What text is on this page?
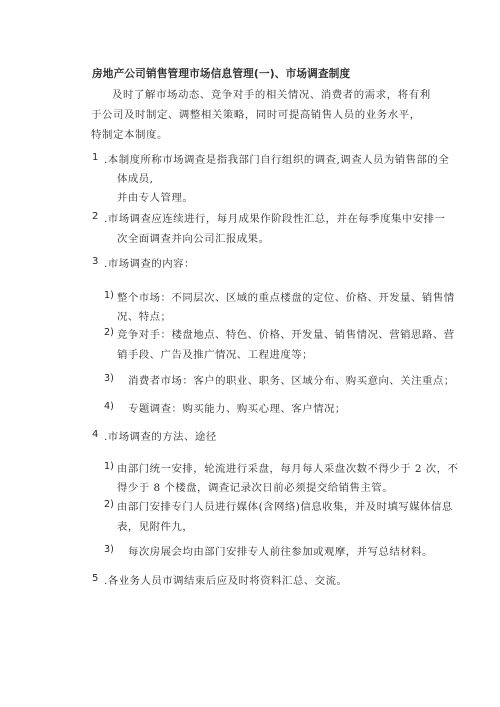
房地产公司销售管理市场信息管理(一)、市场调查制度
及时了解市场动态、竞争对手的相关情况、消费者的需求，将有利于公司及时制定、调整相关策略，同时可提高销售人员的业务水平，特制定本制度。
1 .本制度所称市场调查是指我部门自行组织的调查,调查人员为销售部的全
体成员,
并由专人管理。
2 .市场调查应连续进行，每月成果作阶段性汇总，并在每季度集中安排一
次全面调查并向公司汇报成果。
3 .市场调查的内容：
1) 整个市场：不同层次、区域的重点楼盘的定位、价格、开发量、销售情
况、特点；
2) 竞争对手：楼盘地点、特色、价格、开发量、销售情况、营销思路、营
销手段、广告及推广情况、工程进度等；
3) 消费者市场：客户的职业、职务、区域分布、购买意向、关注重点；
4) 专题调查：购买能力、购买心理、客户情况；
4 .市场调查的方法、途径
1) 由部门统一安排，轮流进行采盘，每月每人采盘次数不得少于 2 次，不
得少于 8 个楼盘，调查记录次日前必须提交给销售主管。
2) 由部门安排专门人员进行媒体(含网络)信息收集，并及时填写媒体信息
表，见附件九，
3) 每次房展会均由部门安排专人前往参加或观摩，并写总结材料。
5 .各业务人员市调结束后应及时将资料汇总、交流。
